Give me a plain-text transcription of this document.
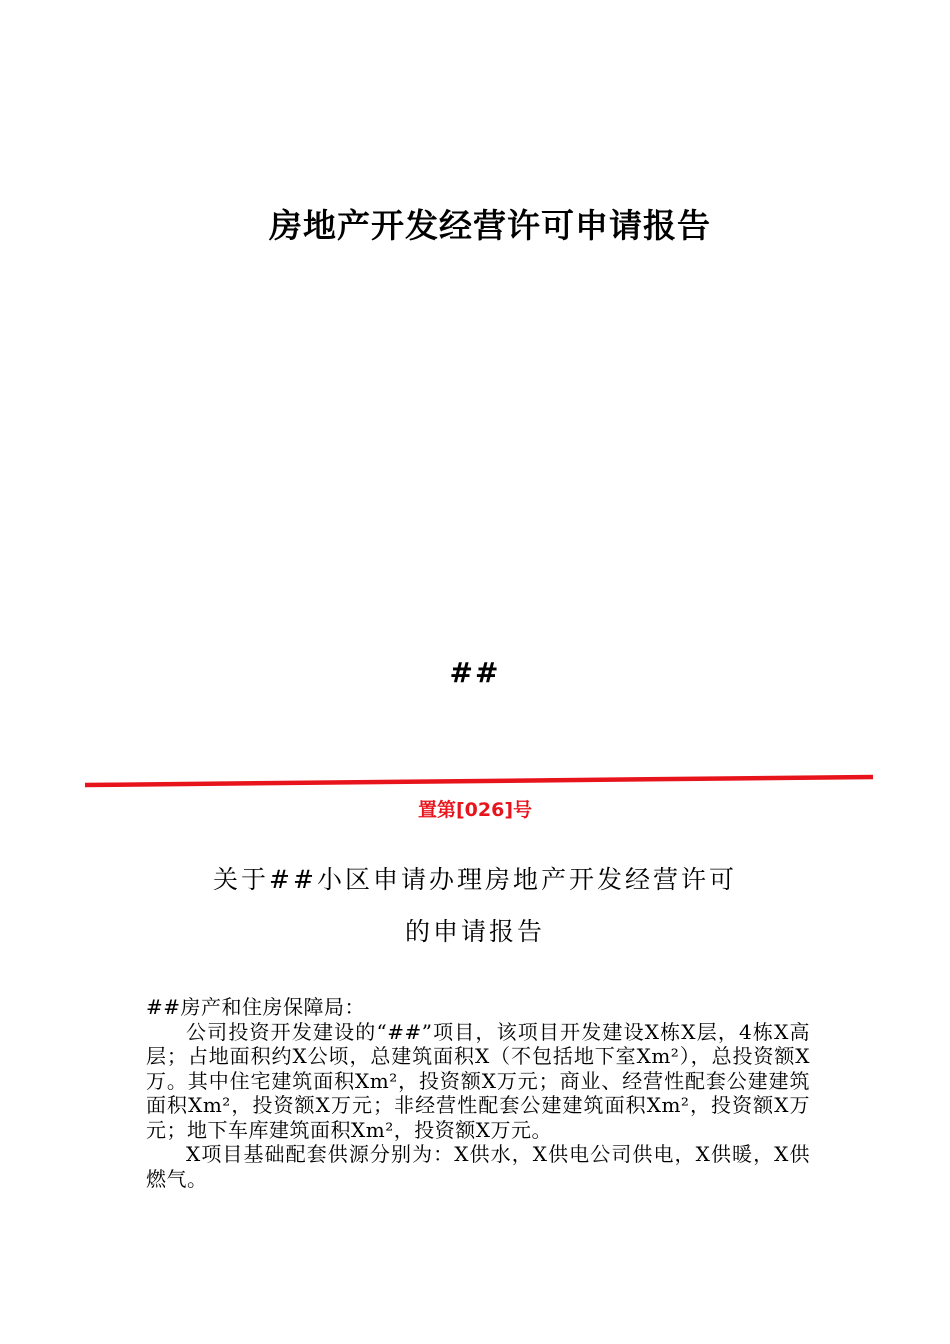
房地产开发经营许可申请报告
##
置第[026]号
关于##小区申请办理房地产开发经营许可
的申请报告

##房产和住房保障局：

公司投资开发建设的“##”项目，该项目开发建设X栋X层，4栋X高层；占地面积约X公顷，总建筑面积X（不包括地下室Xm²），总投资额X万。其中住宅建筑面积Xm²，投资额X万元；商业、经营性配套公建建筑面积Xm²，投资额X万元；非经营性配套公建建筑面积Xm²，投资额X万元；地下车库建筑面积Xm²，投资额X万元。

X项目基础配套供源分别为：X供水，X供电公司供电，X供暖，X供燃气。
